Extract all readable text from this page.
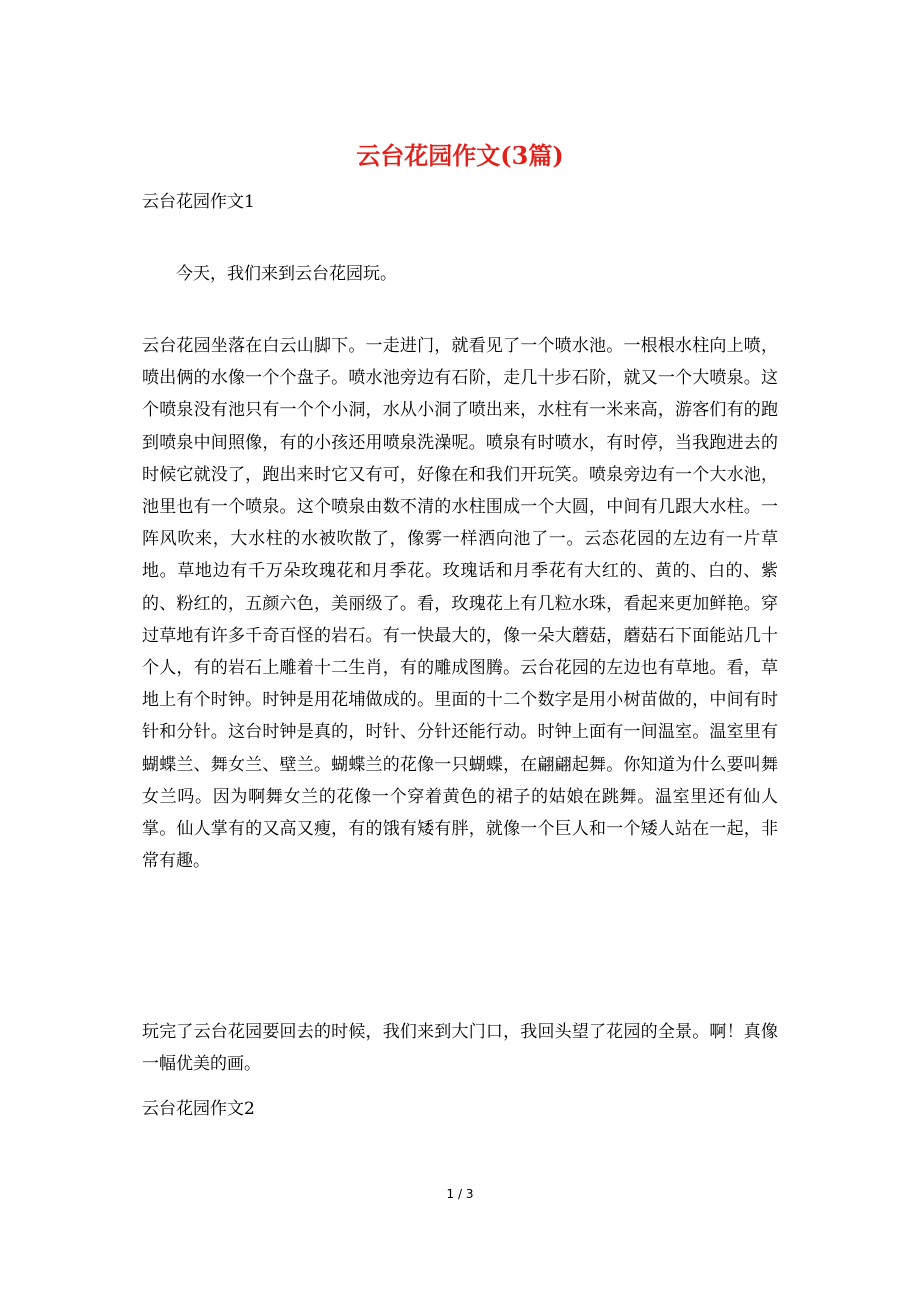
云台花园作文(3篇)
云台花园作文1
今天，我们来到云台花园玩。
云台花园坐落在白云山脚下。一走进门，就看见了一个喷水池。一根根水柱向上喷，喷出俩的水像一个个盘子。喷水池旁边有石阶，走几十步石阶，就又一个大喷泉。这个喷泉没有池只有一个个小洞，水从小洞了喷出来，水柱有一米来高，游客们有的跑到喷泉中间照像，有的小孩还用喷泉洗澡呢。喷泉有时喷水，有时停，当我跑进去的时候它就没了，跑出来时它又有可，好像在和我们开玩笑。喷泉旁边有一个大水池，池里也有一个喷泉。这个喷泉由数不清的水柱围成一个大圆，中间有几跟大水柱。一阵风吹来，大水柱的水被吹散了，像雾一样洒向池了一。云态花园的左边有一片草地。草地边有千万朵玫瑰花和月季花。玫瑰话和月季花有大红的、黄的、白的、紫的、粉红的，五颜六色，美丽级了。看，玫瑰花上有几粒水珠，看起来更加鲜艳。穿过草地有许多千奇百怪的岩石。有一快最大的，像一朵大蘑菇，蘑菇石下面能站几十个人，有的岩石上雕着十二生肖，有的雕成图腾。云台花园的左边也有草地。看，草地上有个时钟。时钟是用花埔做成的。里面的十二个数字是用小树苗做的，中间有时针和分针。这台时钟是真的，时针、分针还能行动。时钟上面有一间温室。温室里有蝴蝶兰、舞女兰、壁兰。蝴蝶兰的花像一只蝴蝶，在翩翩起舞。你知道为什么要叫舞女兰吗。因为啊舞女兰的花像一个穿着黄色的裙子的姑娘在跳舞。温室里还有仙人掌。仙人掌有的又高又瘦，有的饿有矮有胖，就像一个巨人和一个矮人站在一起，非常有趣。
玩完了云台花园要回去的时候，我们来到大门口，我回头望了花园的全景。啊！真像一幅优美的画。
云台花园作文2
1 / 3
